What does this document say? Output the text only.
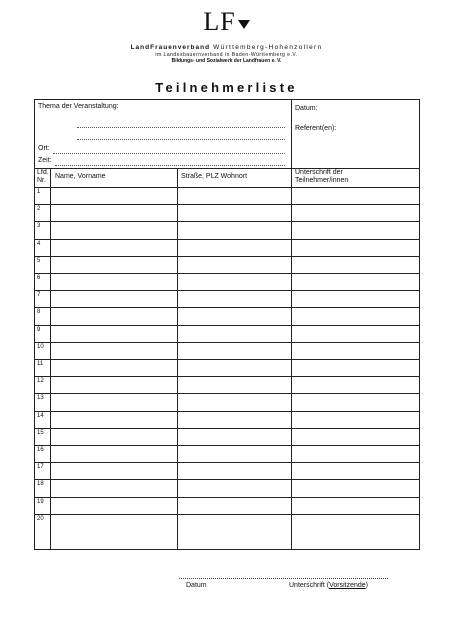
LF
LandFrauenverband Württemberg-Hohenzollern
im Landesbauernverband in Baden-Württemberg e.V.
Bildungs- und Sozialwerk der Landfrauen e. V.
Teilnehmerliste
Thema der Veranstaltung:
Ort:
Zeit:
Datum:
Referent(en):
Lfd.
Nr.
Name, Vorname	Straße, PLZ Wohnort
Unterschrift der
Teilnehmer/innen
1
2
3
4
5
6
7
8
9
10
11
12
13
14
15
16
17
18
19
20
Datum	Unterschrift (Vorsitzende)
